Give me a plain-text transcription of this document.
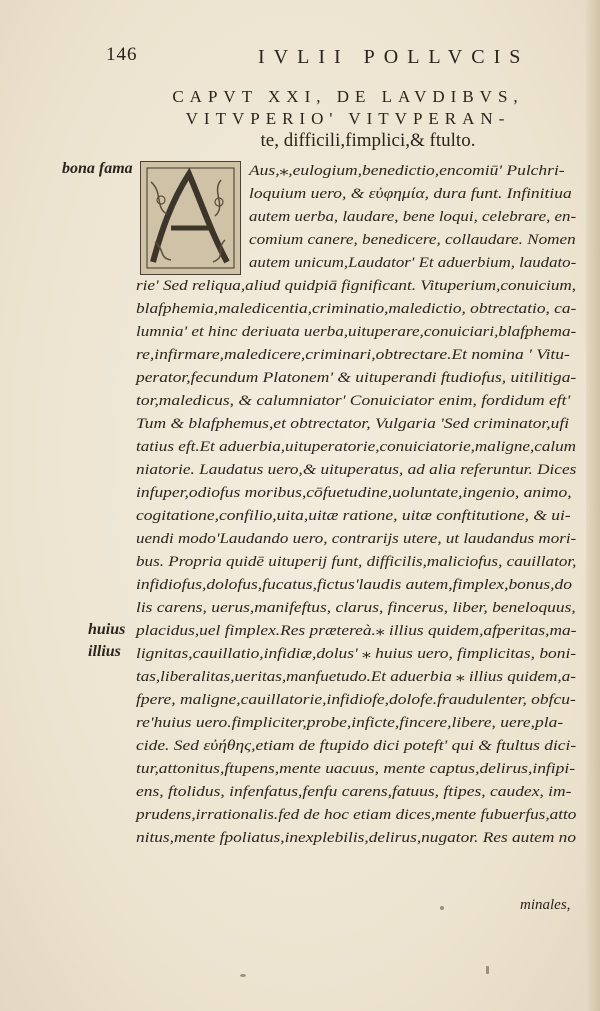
146	IVLII POLLVCIS
CAPVT XXI, DE LAVDIBVS,
VITVPERIO' VITVPERAN-
te, difficili,fimplici,& ftulto.
bona fama
huius
illius
Aus,⁎,eulogium,benedictio,encomiū' Pulchri-
loquium uero, & εὐφημία, dura funt. Infinitiua
autem uerba, laudare, bene loqui, celebrare, en-
comium canere, benedicere, collaudare. Nomen
autem unicum,Laudator' Et aduerbium, laudato-
rie' Sed reliqua,aliud quidpiā fignificant. Vituperium,conuicium,
blafphemia,maledicentia,criminatio,maledictio, obtrectatio, ca-
lumnia' et hinc deriuata uerba,uituperare,conuiciari,blafphema-
re,infirmare,maledicere,criminari,obtrectare.Et nomina ' Vitu-
perator,fecundum Platonem' & uituperandi ftudiofus, uitilitiga-
tor,maledicus, & calumniator' Conuiciator enim, fordidum eft'
Tum & blafphemus,et obtrectator, Vulgaria 'Sed criminator,ufi
tatius eft.Et aduerbia,uituperatorie,conuiciatorie,maligne,calum
niatorie. Laudatus uero,& uituperatus, ad alia referuntur. Dices
infuper,odiofus moribus,cōfuetudine,uoluntate,ingenio, animo,
cogitatione,confilio,uita,uitæ ratione, uitæ conftitutione, & ui-
uendi modo'Laudando uero, contrarijs utere, ut laudandus mori-
bus. Propria quidē uituperij funt, difficilis,maliciofus, cauillator,
infidiofus,dolofus,fucatus,fictus'laudis autem,fimplex,bonus,do
lis carens, uerus,manifeftus, clarus, fincerus, liber, beneloquus,
placidus,uel fimplex.Res prætereà.⁎ illius quidem,afperitas,ma-
lignitas,cauillatio,infidiæ,dolus' ⁎ huius uero, fimplicitas, boni-
tas,liberalitas,ueritas,manfuetudo.Et aduerbia ⁎ illius quidem,a-
fpere, maligne,cauillatorie,infidiofe,dolofe.fraudulenter, obfcu-
re'huius uero.fimpliciter,probe,inficte,fincere,libere, uere,pla-
cide. Sed εὐήθης,etiam de ftupido dici poteft' qui & ftultus dici-
tur,attonitus,ftupens,mente uacuus, mente captus,delirus,infipi-
ens, ftolidus, infenfatus,fenfu carens,fatuus, ftipes, caudex, im-
prudens,irrationalis.fed de hoc etiam dices,mente fubuerfus,atto
nitus,mente fpoliatus,inexplebilis,delirus,nugator. Res autem no
minales,
